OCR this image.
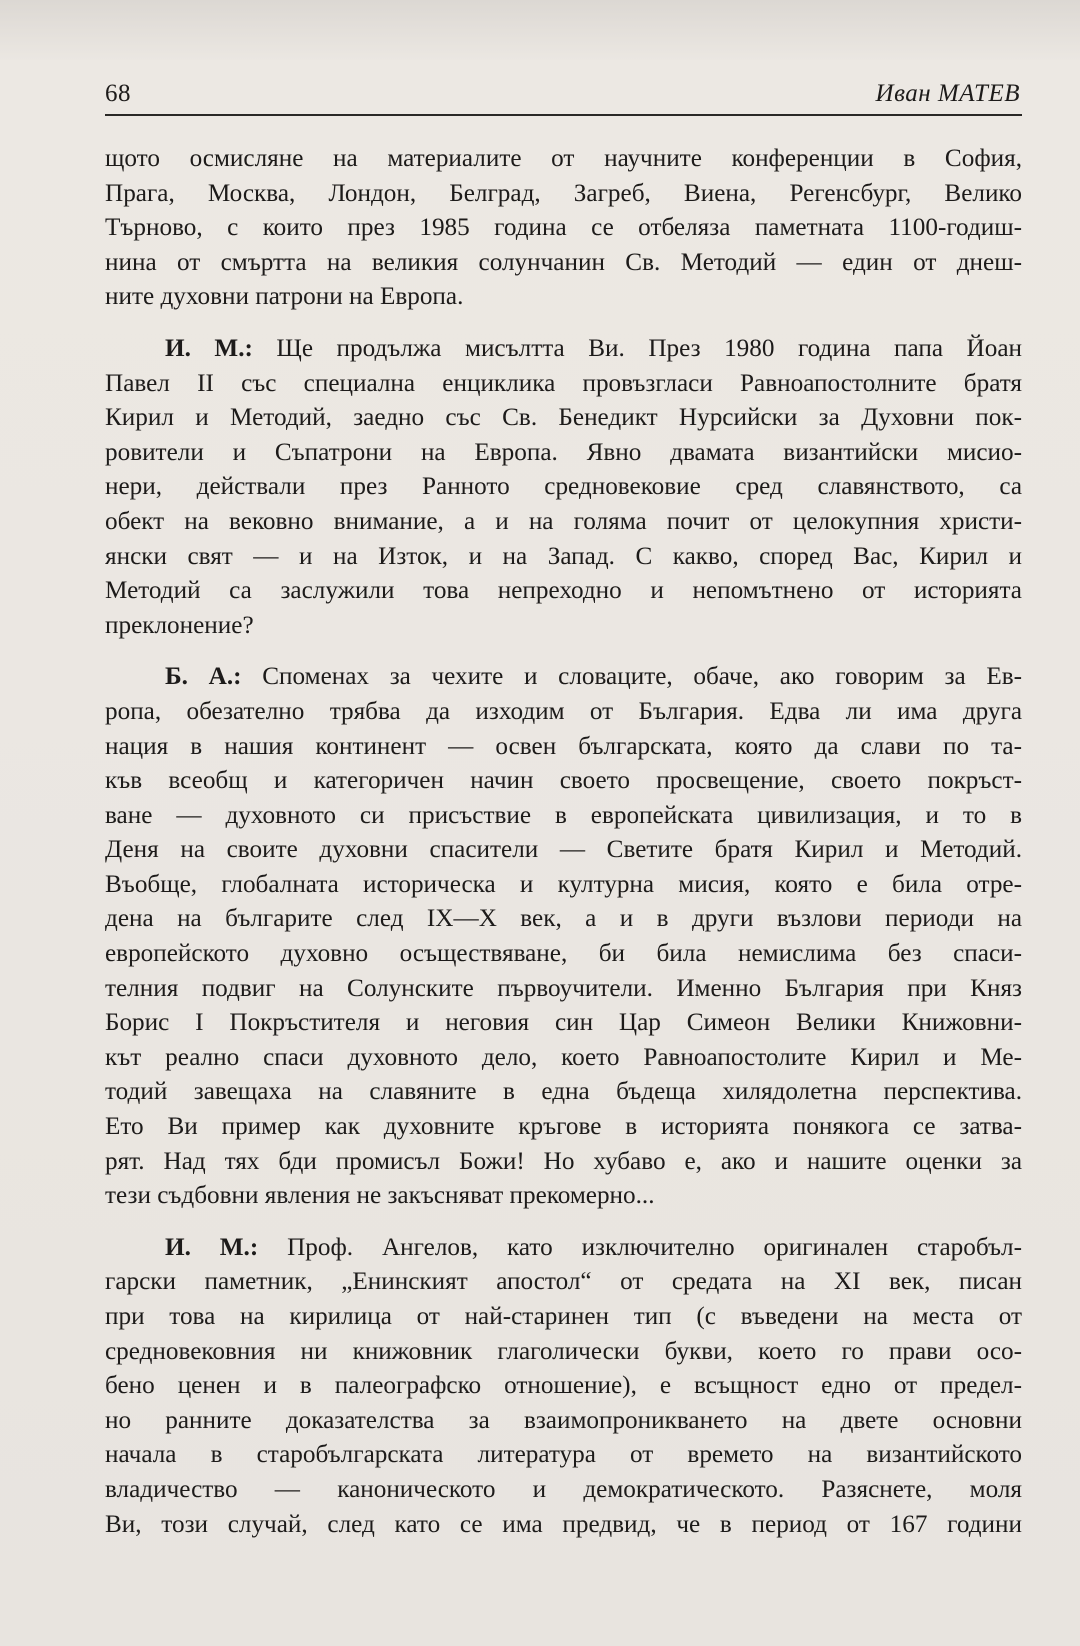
68	Иван МАТЕВ
щото осмисляне на материалите от научните конференции в София,
Прага, Москва, Лондон, Белград, Загреб, Виена, Регенсбург, Велико
Търново, с които през 1985 година се отбеляза паметната 1100-годиш-
нина от смъртта на великия солунчанин Св. Методий — един от днеш-
ните духовни патрони на Европа.
И. М.: Ще продължа мисълтта Ви. През 1980 година папа Йоан
Павел II със специална енциклика провъзгласи Равноапостолните братя
Кирил и Методий, заедно със Св. Бенедикт Нурсийски за Духовни пок-
ровители и Съпатрони на Европа. Явно двамата византийски мисио-
нери, действали през Ранното средновековие сред славянството, са
обект на вековно внимание, а и на голяма почит от целокупния христи-
янски свят — и на Изток, и на Запад. С какво, според Вас, Кирил и
Методий са заслужили това непреходно и непомътнено от историята
преклонение?
Б. А.: Споменах за чехите и словаците, обаче, ако говорим за Ев-
ропа, обезателно трябва да изходим от България. Едва ли има друга
нация в нашия континент — освен българската, която да слави по та-
къв всеобщ и категоричен начин своето просвещение, своето покръст-
ване — духовното си присъствие в европейската цивилизация, и то в
Деня на своите духовни спасители — Светите братя Кирил и Методий.
Въобще, глобалната историческа и културна мисия, която е била отре-
дена на българите след IX—X век, а и в други възлови периоди на
европейското духовно осъществяване, би била немислима без спаси-
телния подвиг на Солунските първоучители. Именно България при Княз
Борис I Покръстителя и неговия син Цар Симеон Велики Книжовни-
кът реално спаси духовното дело, което Равноапостолите Кирил и Ме-
тодий завещаха на славяните в една бъдеща хилядолетна перспектива.
Ето Ви пример как духовните кръгове в историята понякога се затва-
рят. Над тях бди промисъл Божи! Но хубаво е, ако и нашите оценки за
тези съдбовни явления не закъсняват прекомерно...
И. М.: Проф. Ангелов, като изключително оригинален старобъл-
гарски паметник, „Енинският апостол“ от средата на XI век, писан
при това на кирилица от най-старинен тип (с въведени на места от
средновековния ни книжовник глаголически букви, което го прави осо-
бено ценен и в палеографско отношение), е всъщност едно от предел-
но ранните доказателства за взаимопроникването на двете основни
начала в старобългарската литература от времето на византийското
владичество — каноническото и демократическото. Разяснете, моля
Ви, този случай, след като се има предвид, че в период от 167 години
